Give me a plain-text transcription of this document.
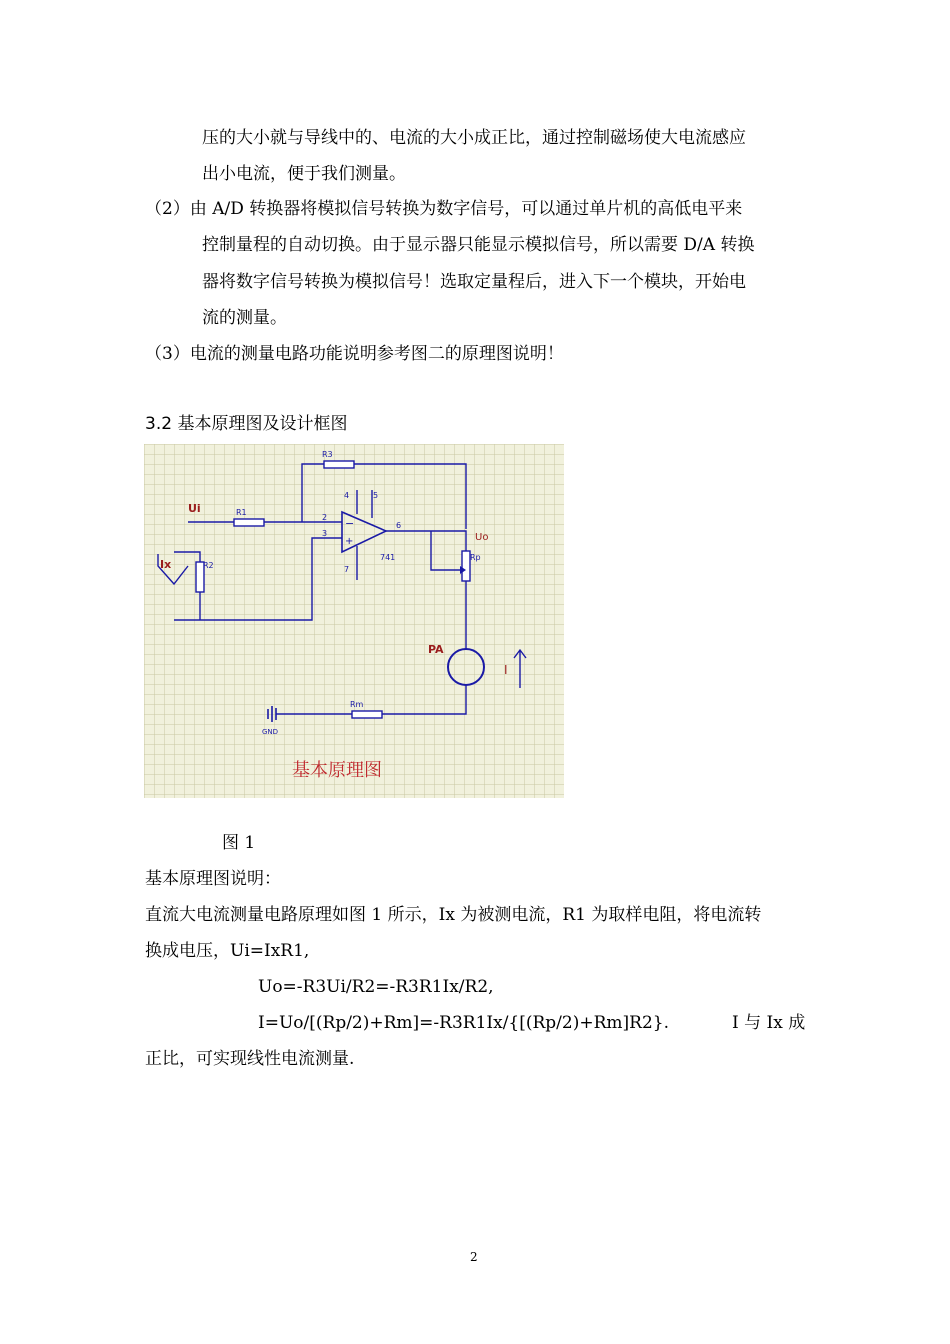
压的大小就与导线中的、电流的大小成正比，通过控制磁场使大电流感应
出小电流，便于我们测量。
（2）由 A/D 转换器将模拟信号转换为数字信号，可以通过单片机的高低电平来
控制量程的自动切换。由于显示器只能显示模拟信号，所以需要 D/A 转换
器将数字信号转换为模拟信号！选取定量程后，进入下一个模块，开始电
流的测量。
（3）电流的测量电路功能说明参考图二的原理图说明！
3.2 基本原理图及设计框图
−
+
R3
Ui	R1
R2
Ix
4	5
2
3
6
7
741
Uo
Rp
PA
I
Rm
GND
基本原理图
图 1
基本原理图说明：
直流大电流测量电路原理如图 1 所示，Ix 为被测电流，R1 为取样电阻，将电流转
换成电压，Ui=IxR1,
Uo=-R3Ui/R2=-R3R1Ix/R2,
I=Uo/[(Rp/2)+Rm]=-R3R1Ix/{[(Rp/2)+Rm]R2}.	I 与 Ix 成
正比，可实现线性电流测量.
2
